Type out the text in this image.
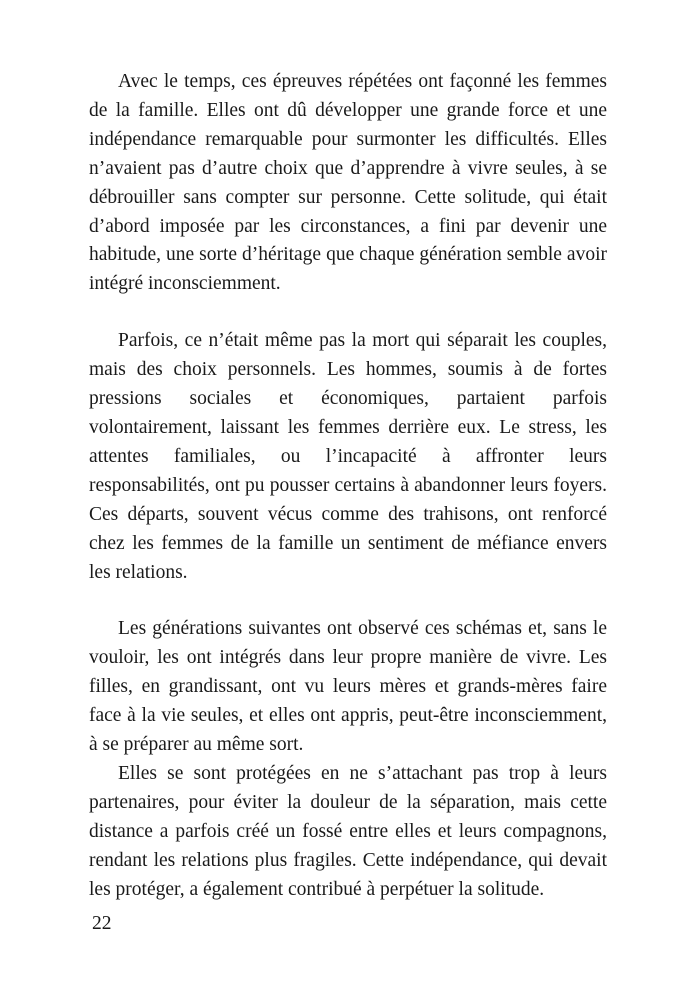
Avec le temps, ces épreuves répétées ont façonné les femmes de la famille. Elles ont dû développer une grande force et une indépendance remarquable pour surmonter les difficultés. Elles n’avaient pas d’autre choix que d’apprendre à vivre seules, à se débrouiller sans compter sur personne. Cette solitude, qui était d’abord imposée par les circonstances, a fini par devenir une habitude, une sorte d’héritage que chaque génération semble avoir intégré inconsciemment.

Parfois, ce n’était même pas la mort qui séparait les couples, mais des choix personnels. Les hommes, soumis à de fortes pressions sociales et économiques, partaient parfois volontairement, laissant les femmes derrière eux. Le stress, les attentes familiales, ou l’incapacité à affronter leurs responsabilités, ont pu pousser certains à abandonner leurs foyers. Ces départs, souvent vécus comme des trahisons, ont renforcé chez les femmes de la famille un sentiment de méfiance envers les relations.

Les générations suivantes ont observé ces schémas et, sans le vouloir, les ont intégrés dans leur propre manière de vivre. Les filles, en grandissant, ont vu leurs mères et grands-mères faire face à la vie seules, et elles ont appris, peut-être inconsciemment, à se préparer au même sort.

Elles se sont protégées en ne s’attachant pas trop à leurs partenaires, pour éviter la douleur de la séparation, mais cette distance a parfois créé un fossé entre elles et leurs compagnons, rendant les relations plus fragiles. Cette indépendance, qui devait les protéger, a également contribué à perpétuer la solitude.

22
